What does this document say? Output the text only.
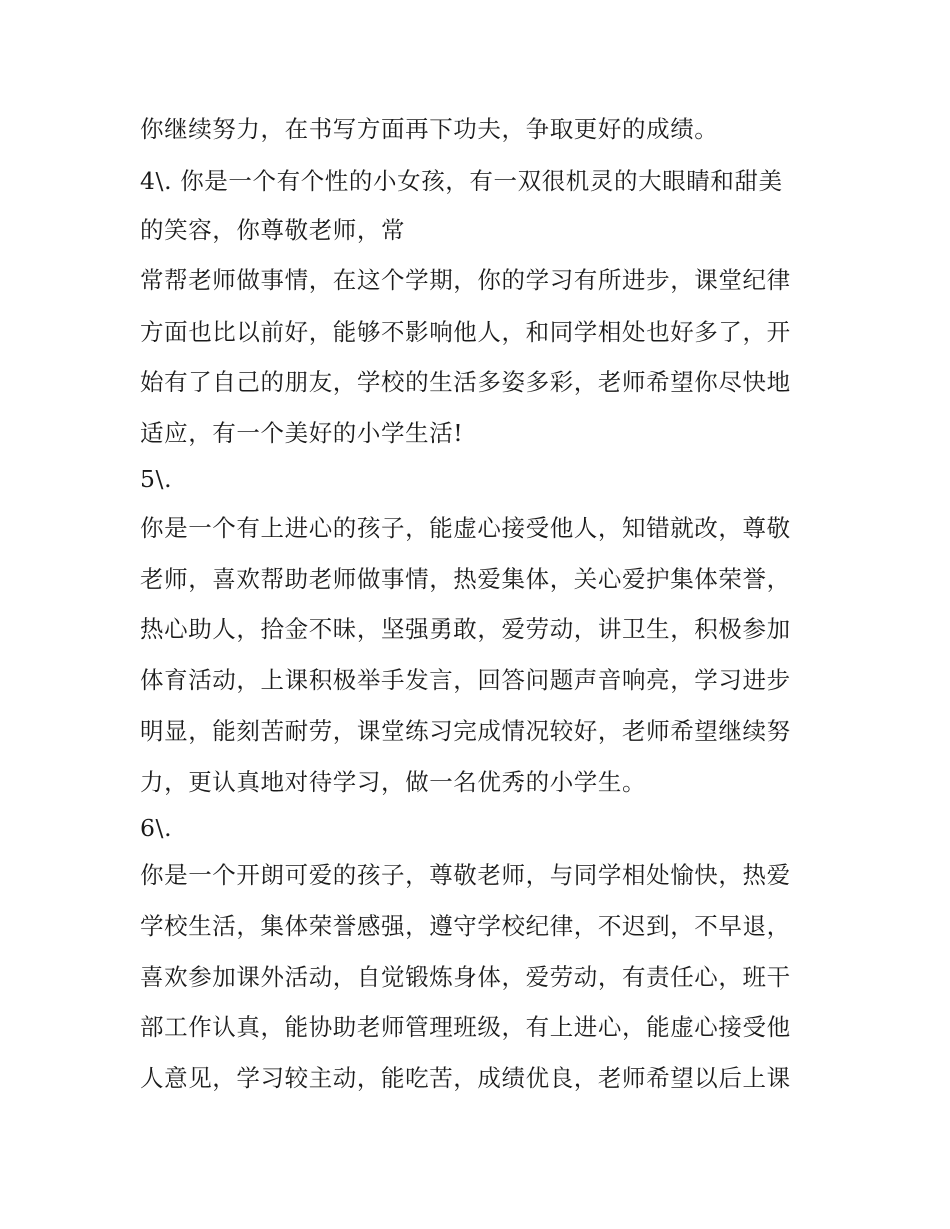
你继续努力，在书写方面再下功夫，争取更好的成绩。

4\. 你是一个有个性的小女孩，有一双很机灵的大眼睛和甜美

的笑容，你尊敬老师，常

常帮老师做事情，在这个学期，你的学习有所进步，课堂纪律

方面也比以前好，能够不影响他人，和同学相处也好多了，开

始有了自己的朋友，学校的生活多姿多彩，老师希望你尽快地

适应，有一个美好的小学生活!

5\.

你是一个有上进心的孩子，能虚心接受他人，知错就改，尊敬

老师，喜欢帮助老师做事情，热爱集体，关心爱护集体荣誉，

热心助人，拾金不昧，坚强勇敢，爱劳动，讲卫生，积极参加

体育活动，上课积极举手发言，回答问题声音响亮，学习进步

明显，能刻苦耐劳，课堂练习完成情况较好，老师希望继续努

力，更认真地对待学习，做一名优秀的小学生。

6\.

你是一个开朗可爱的孩子，尊敬老师，与同学相处愉快，热爱

学校生活，集体荣誉感强，遵守学校纪律，不迟到，不早退，

喜欢参加课外活动，自觉锻炼身体，爱劳动，有责任心，班干

部工作认真，能协助老师管理班级，有上进心，能虚心接受他

人意见，学习较主动，能吃苦，成绩优良，老师希望以后上课
